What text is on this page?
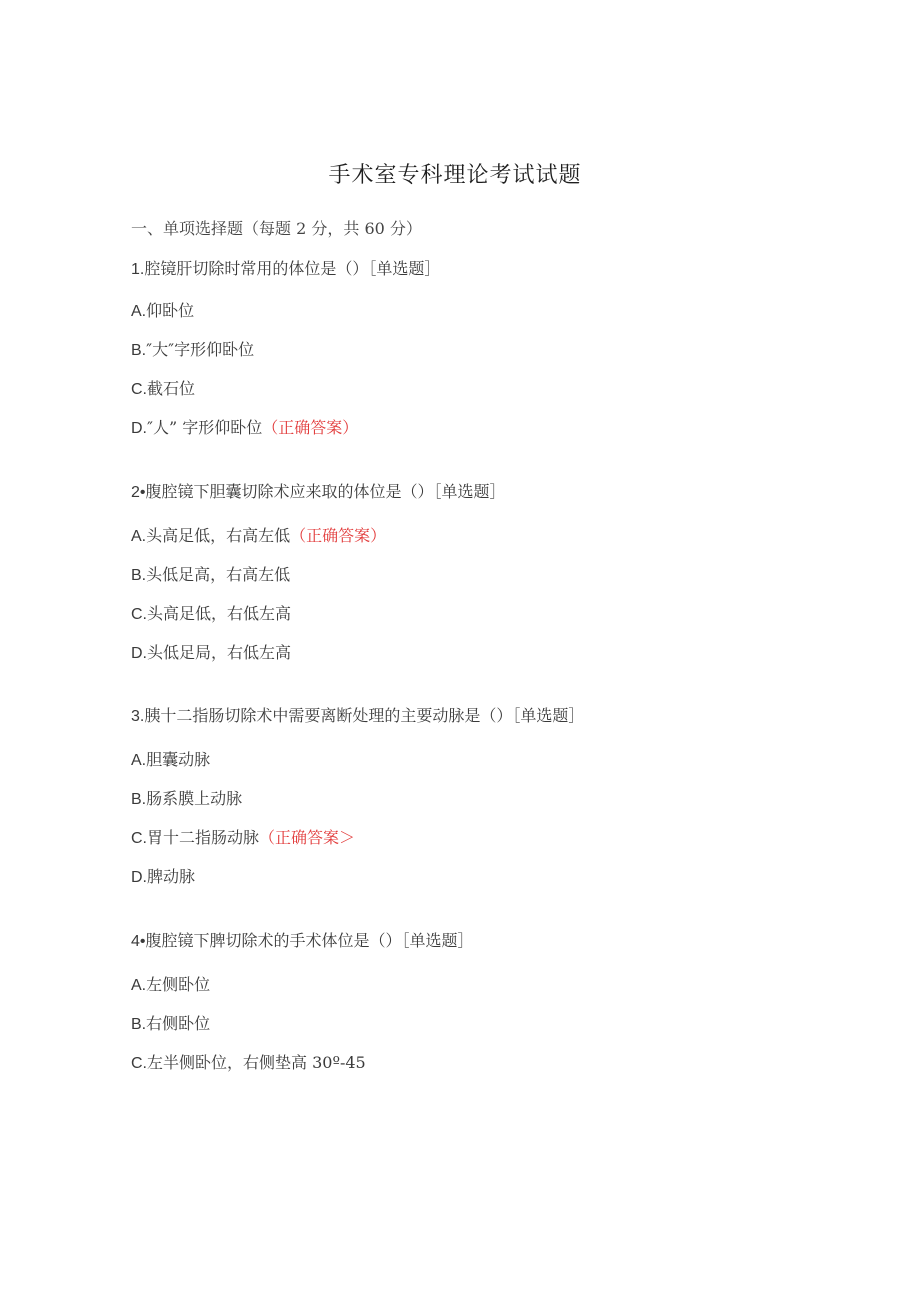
手术室专科理论考试试题
一、单项选择题（每题 2 分，共 60 分）
1.腔镜肝切除时常用的体位是（）［单选题］
A.仰卧位
B.″大″字形仰卧位
C.截石位
D.″人” 字形仰卧位（正确答案）
2•腹腔镜下胆囊切除术应来取的体位是（）［单选题］
A.头高足低，右高左低（正确答案）
B.头低足高，右高左低
C.头高足低，右低左高
D.头低足局，右低左高
3.胰十二指肠切除术中需要离断处理的主要动脉是（）［单选题］
A.胆囊动脉
B.肠系膜上动脉
C.胃十二指肠动脉（正确答案＞
D.脾动脉
4•腹腔镜下脾切除术的手术体位是（）［单选题］
A.左侧卧位
B.右侧卧位
C.左半侧卧位，右侧垫高 30º-45
